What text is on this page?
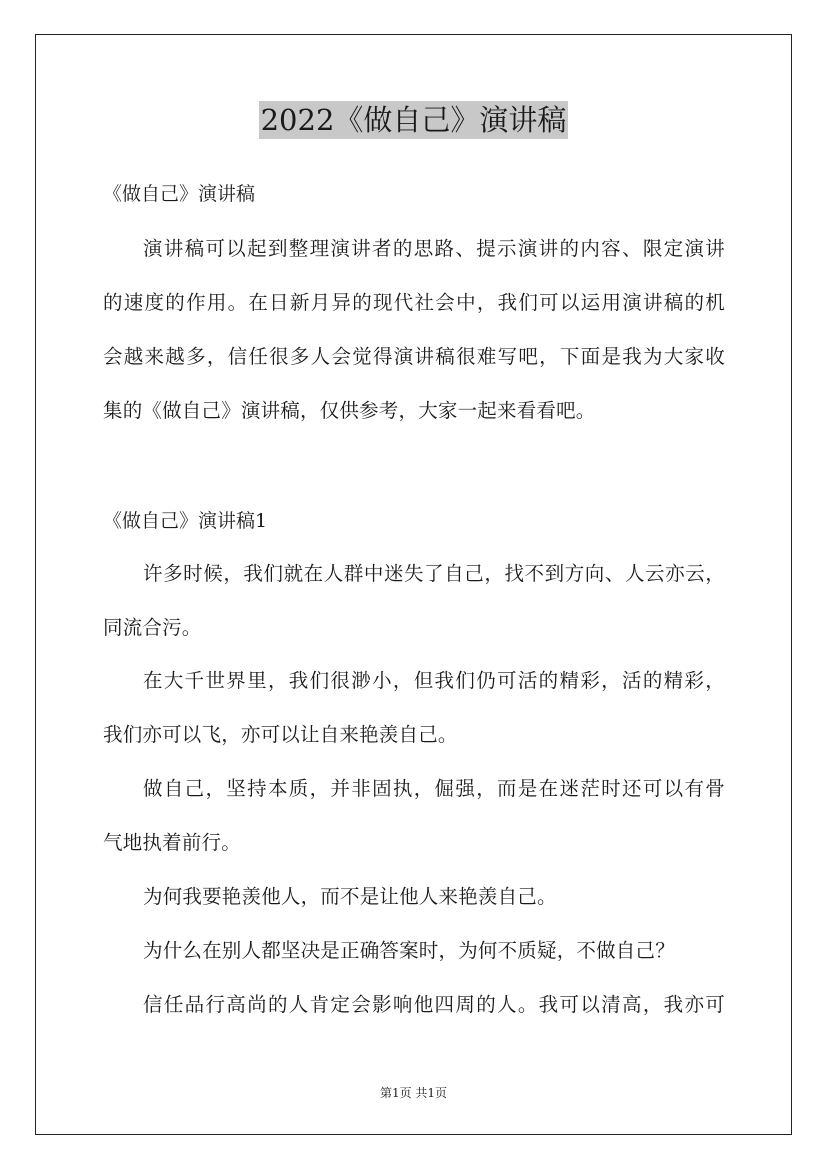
2022《做自己》演讲稿
《做自己》演讲稿
演讲稿可以起到整理演讲者的思路、提示演讲的内容、限定演讲
的速度的作用。在日新月异的现代社会中，我们可以运用演讲稿的机
会越来越多，信任很多人会觉得演讲稿很难写吧，下面是我为大家收
集的《做自己》演讲稿，仅供参考，大家一起来看看吧。
《做自己》演讲稿1
许多时候，我们就在人群中迷失了自己，找不到方向、人云亦云，
同流合污。
在大千世界里，我们很渺小，但我们仍可活的精彩，活的精彩，
我们亦可以飞，亦可以让自来艳羡自己。
做自己，坚持本质，并非固执，倔强，而是在迷茫时还可以有骨
气地执着前行。
为何我要艳羡他人，而不是让他人来艳羡自己。
为什么在别人都坚决是正确答案时，为何不质疑，不做自己？
信任品行高尚的人肯定会影响他四周的人。我可以清高，我亦可
第1页 共1页
